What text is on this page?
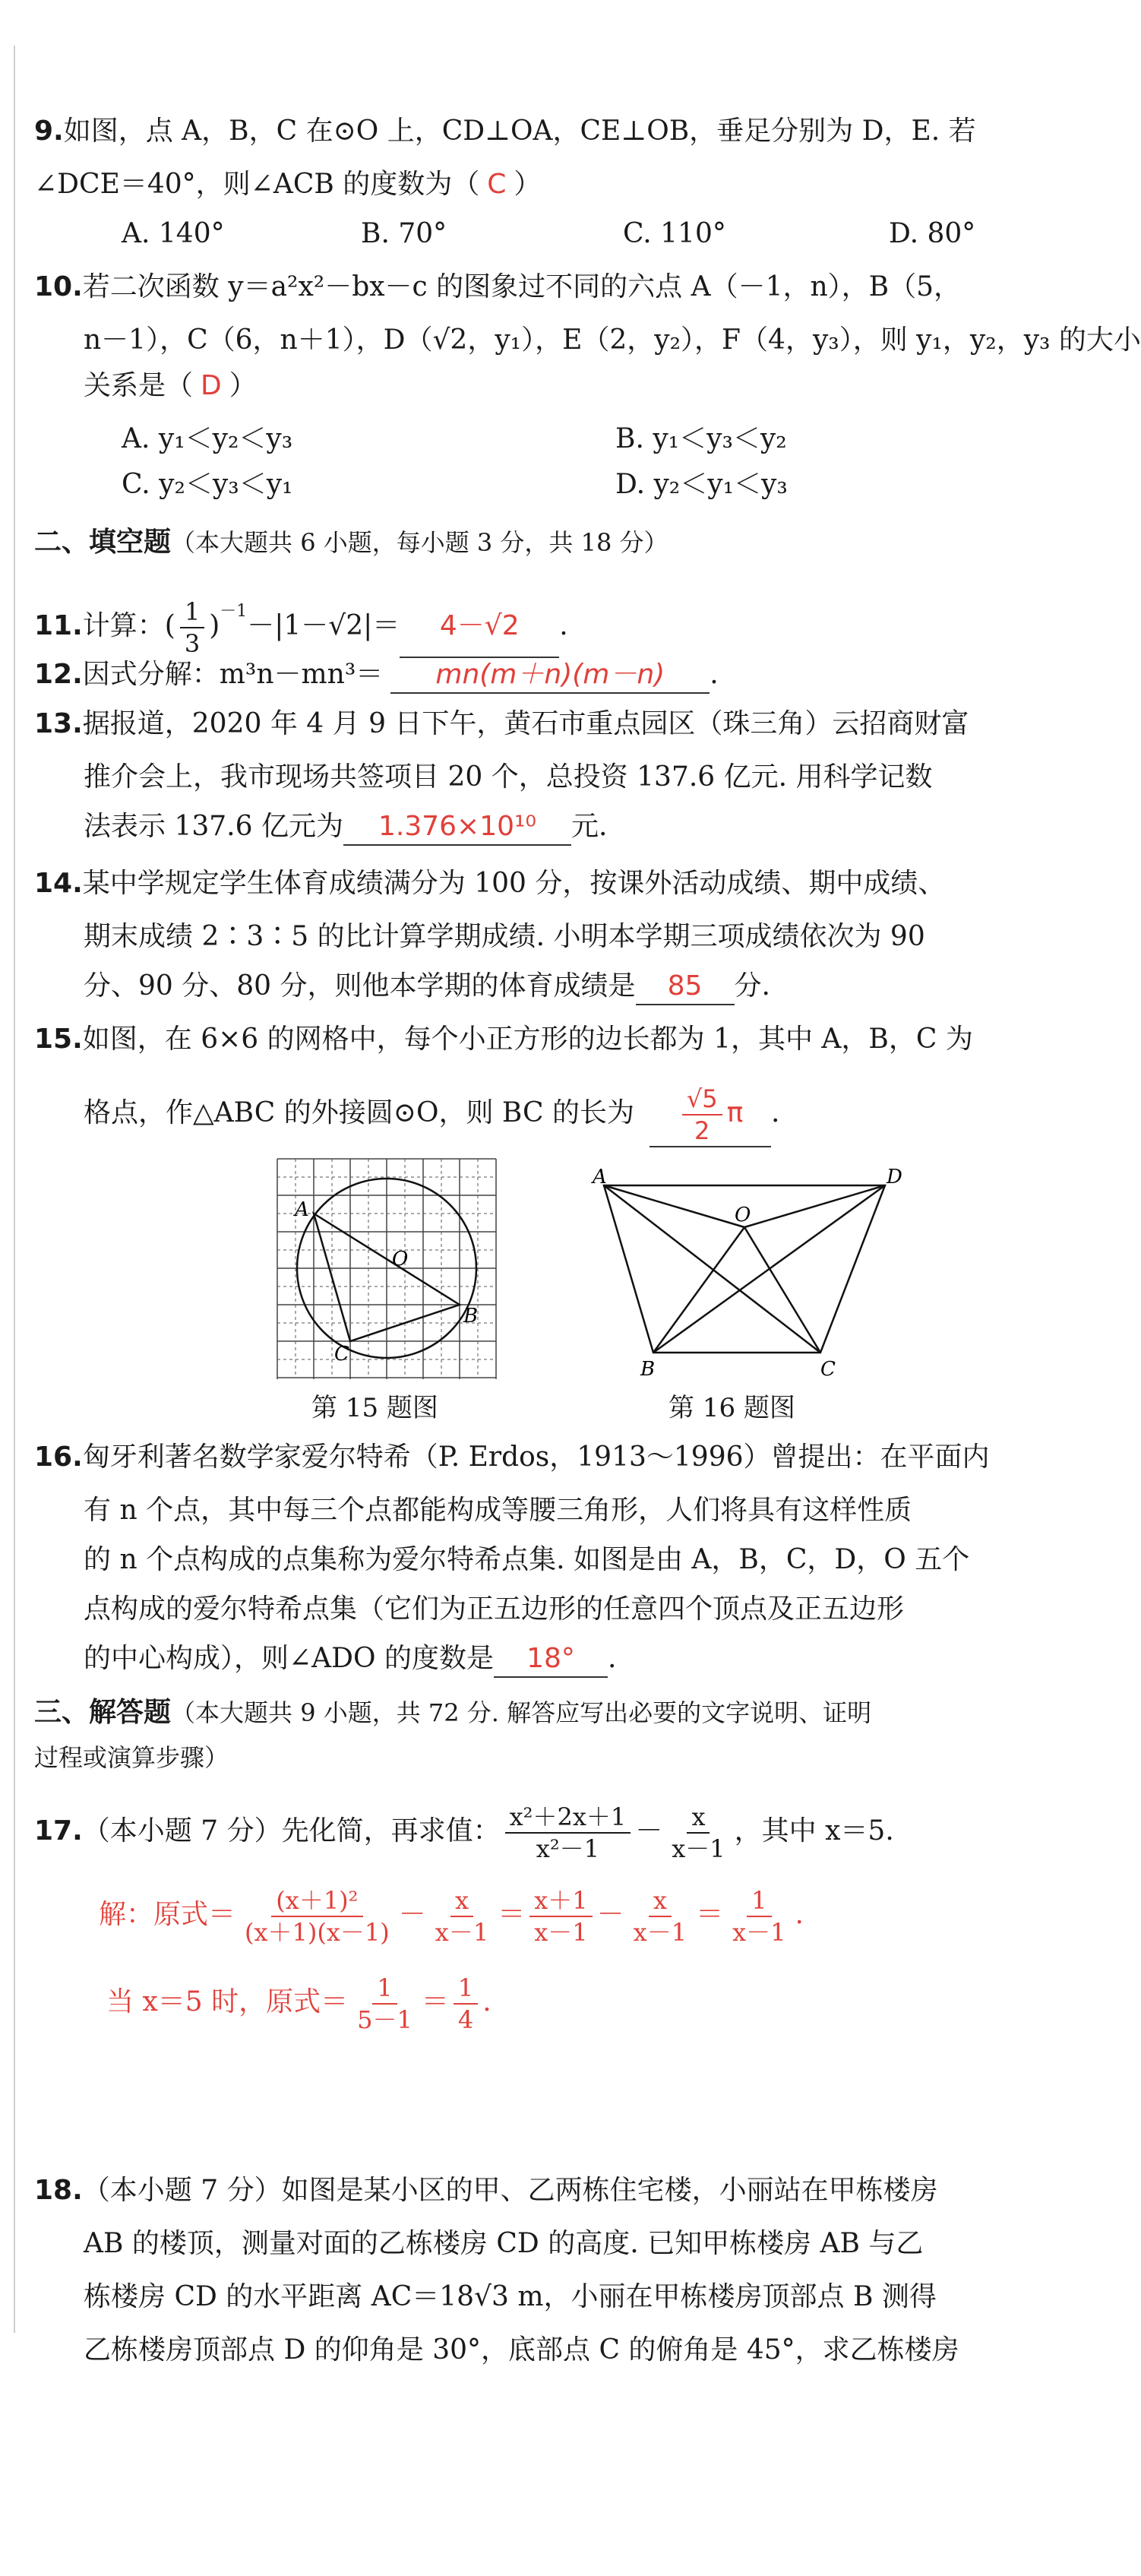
9.如图，点 A，B，C 在⊙O 上，CD⊥OA，CE⊥OB，垂足分别为 D，E. 若
∠DCE＝40°，则∠ACB 的度数为（ C ）
A. 140°	B. 70°	C. 110°	D. 80°
10.若二次函数 y＝a²x²－bx－c 的图象过不同的六点 A（－1，n），B（5，
n－1），C（6，n＋1），D（√2，y₁），E（2，y₂），F（4，y₃），则 y₁，y₂，y₃ 的大小
关系是（ D ）
A. y₁＜y₂＜y₃	B. y₁＜y₃＜y₂
C. y₂＜y₃＜y₁	D. y₂＜y₁＜y₃
二、填空题（本大题共 6 小题，每小题 3 分，共 18 分）
11.计算：( $\frac{1}{3} )^{-1}-|1-√2|= 4-√2$ .
12.因式分解：m³n－mn³＝ mn(m＋n)(m－n) .
13.据报道，2020 年 4 月 9 日下午，黄石市重点园区（珠三角）云招商财富
推介会上，我市现场共签项目 20 个，总投资 137.6 亿元. 用科学记数
法表示 137.6 亿元为 1.376×10¹⁰ 元.
14.某中学规定学生体育成绩满分为 100 分，按课外活动成绩、期中成绩、
期末成绩 2∶3∶5 的比计算学期成绩. 小明本学期三项成绩依次为 90
分、90 分、80 分，则他本学期的体育成绩是 85 分.
15.如图，在 6×6 的网格中，每个小正方形的边长都为 1，其中 A，B，C 为
格点，作△ABC 的外接圆⊙O，则 BC 的长为 $\frac{√5}{2}$ π .
A
B
C
O
第 15 题图
A	D
O
B	C
第 16 题图
16.匈牙利著名数学家爱尔特希（P. Erdos，1913～1996）曾提出：在平面内
有 n 个点，其中每三个点都能构成等腰三角形，人们将具有这样性质
的 n 个点构成的点集称为爱尔特希点集. 如图是由 A，B，C，D，O 五个
点构成的爱尔特希点集（它们为正五边形的任意四个顶点及正五边形
的中心构成），则∠ADO 的度数是 18° .
三、解答题（本大题共 9 小题，共 72 分. 解答应写出必要的文字说明、证明
过程或演算步骤）
17.（本小题 7 分）先化简，再求值： $\frac{\text{x²＋2x＋1}}{\text{x²－1}} - \frac{x}{x-1}$ ，其中 x＝5.
解：原式＝ $\frac{\text{(x＋1)²}}{(x+1)(x-1)} - \frac{x}{x-1} = \frac{x+1}{x-1} - \frac{x}{x-1} = \frac{1}{x-1}$ .
当 x＝5 时，原式＝ $\frac{1}{5-1} = \frac{1}{4}$ .
18.（本小题 7 分）如图是某小区的甲、乙两栋住宅楼，小丽站在甲栋楼房
AB 的楼顶，测量对面的乙栋楼房 CD 的高度. 已知甲栋楼房 AB 与乙
栋楼房 CD 的水平距离 AC＝18√3 m，小丽在甲栋楼房顶部点 B 测得
乙栋楼房顶部点 D 的仰角是 30°，底部点 C 的俯角是 45°，求乙栋楼房
